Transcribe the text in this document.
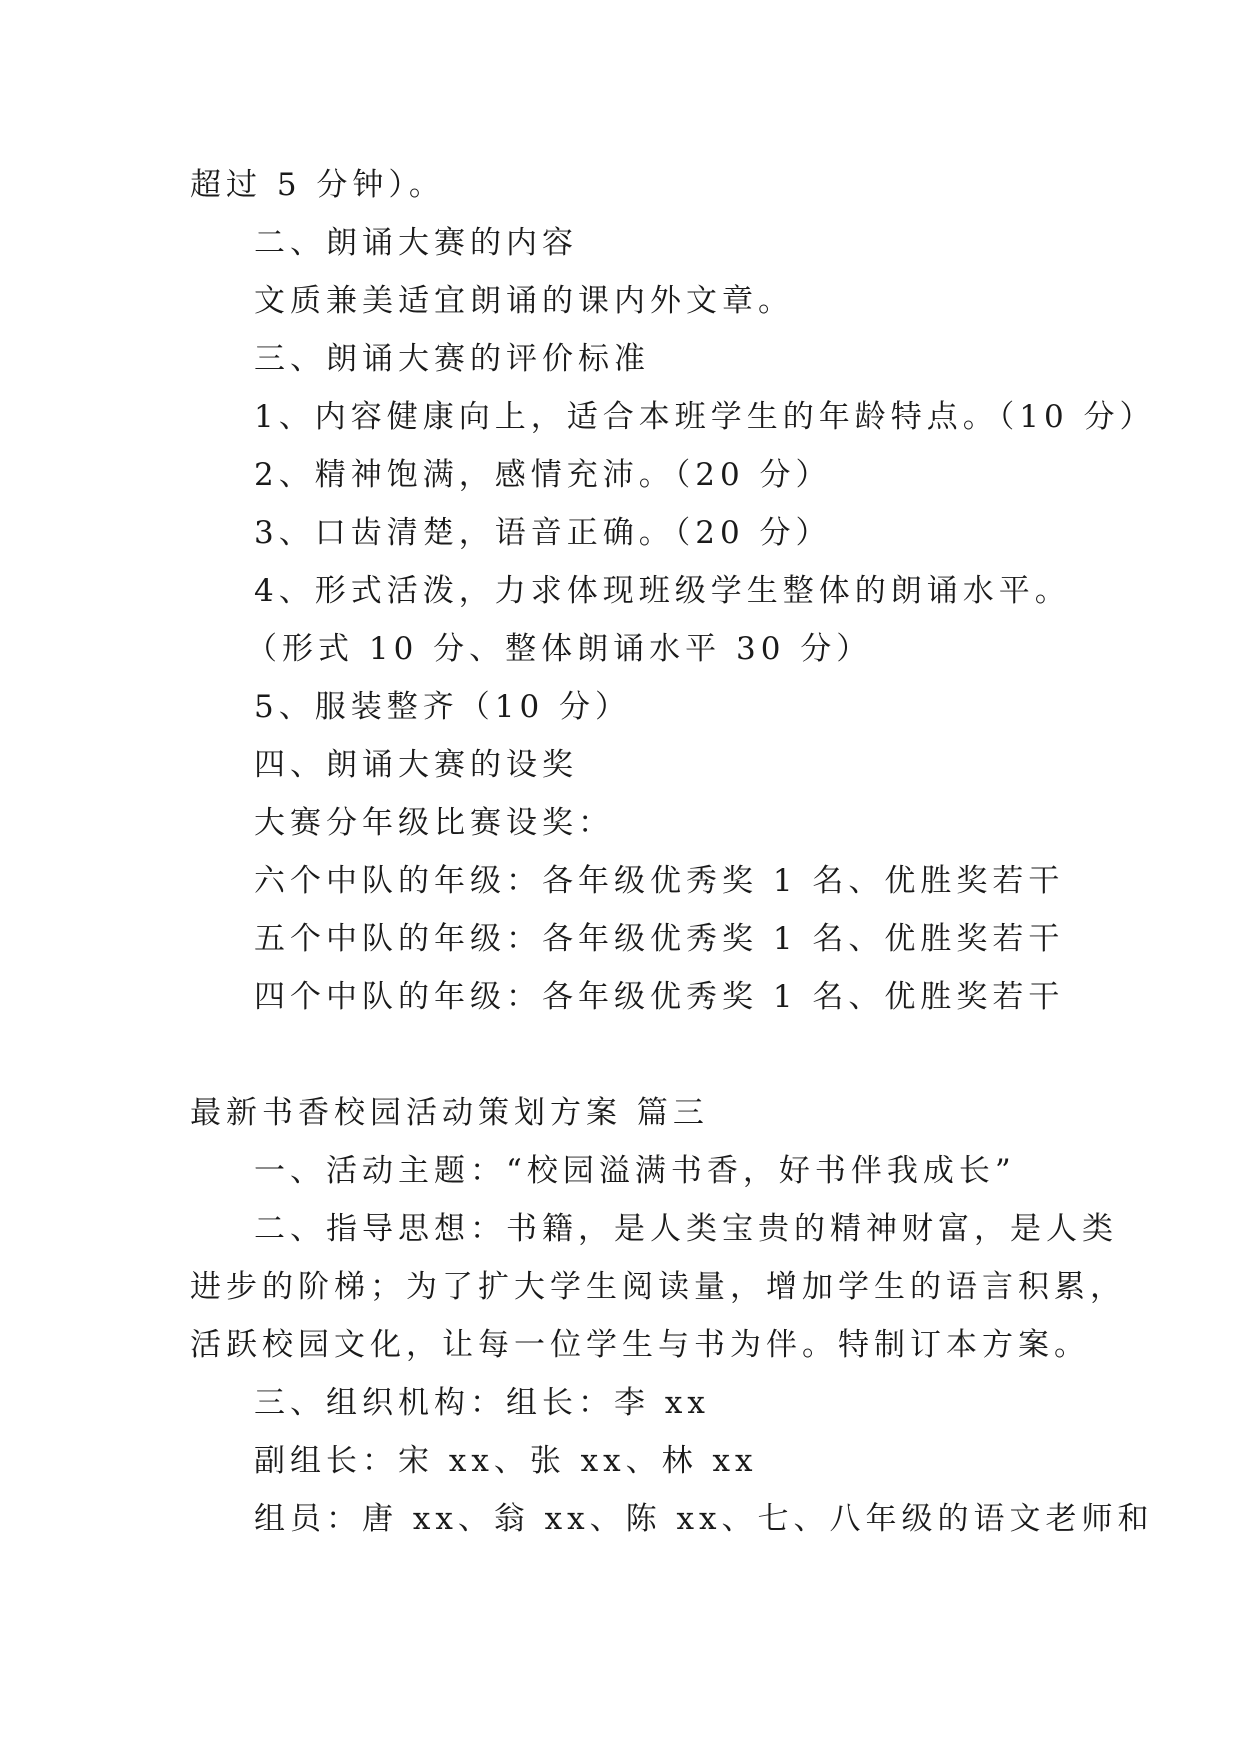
超过 5 分钟）。
二、朗诵大赛的内容
文质兼美适宜朗诵的课内外文章。
三、朗诵大赛的评价标准
1、内容健康向上，适合本班学生的年龄特点。（10 分）
2、精神饱满，感情充沛。（20 分）
3、口齿清楚，语音正确。（20 分）
4、形式活泼，力求体现班级学生整体的朗诵水平。
（形式 10 分、整体朗诵水平 30 分）
5、服装整齐（10 分）
四、朗诵大赛的设奖
大赛分年级比赛设奖：
六个中队的年级：各年级优秀奖 1 名、优胜奖若干
五个中队的年级：各年级优秀奖 1 名、优胜奖若干
四个中队的年级：各年级优秀奖 1 名、优胜奖若干
最新书香校园活动策划方案 篇三
一、活动主题：“校园溢满书香，好书伴我成长”
二、指导思想：书籍，是人类宝贵的精神财富，是人类
进步的阶梯；为了扩大学生阅读量，增加学生的语言积累，
活跃校园文化，让每一位学生与书为伴。特制订本方案。
三、组织机构：组长：李 xx
副组长：宋 xx、张 xx、林 xx
组员：唐 xx、翁 xx、陈 xx、七、八年级的语文老师和
